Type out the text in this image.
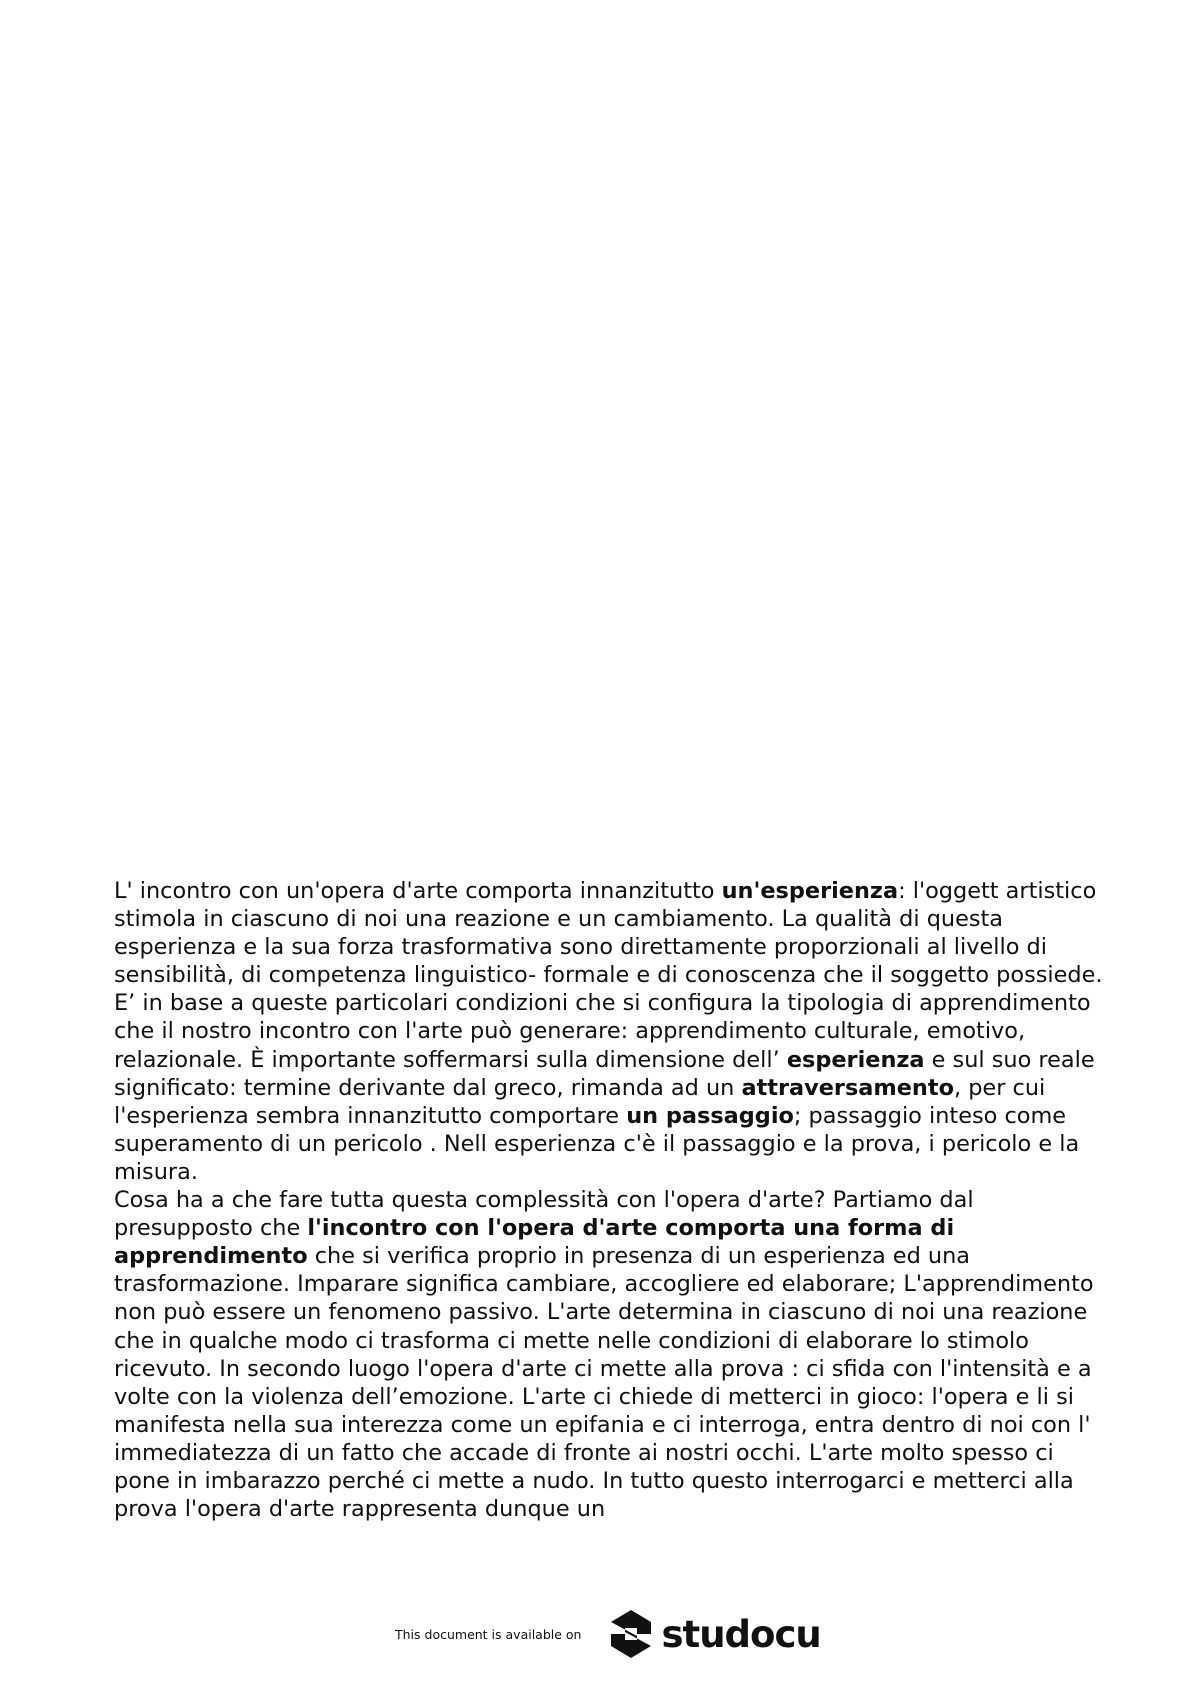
L' incontro con un'opera d'arte comporta innanzitutto un'esperienza: l'oggett artistico stimola in ciascuno di noi una reazione e un cambiamento. La qualità di questa esperienza e la sua forza trasformativa sono direttamente proporzionali al livello di sensibilità, di competenza linguistico- formale e di conoscenza che il soggetto possiede. E’ in base a queste particolari condizioni che si configura la tipologia di apprendimento che il nostro incontro con l'arte può generare: apprendimento culturale, emotivo, relazionale. È importante soffermarsi sulla dimensione dell’ esperienza e sul suo reale significato: termine derivante dal greco, rimanda ad un attraversamento, per cui l'esperienza sembra innanzitutto comportare un passaggio; passaggio inteso come superamento di un pericolo . Nell esperienza c'è il passaggio e la prova, i pericolo e la misura.

Cosa ha a che fare tutta questa complessità con l'opera d'arte? Partiamo dal presupposto che l'incontro con l'opera d'arte comporta una forma di apprendimento che si verifica proprio in presenza di un esperienza ed una trasformazione. Imparare significa cambiare, accogliere ed elaborare; L'apprendimento non può essere un fenomeno passivo. L'arte determina in ciascuno di noi una reazione che in qualche modo ci trasforma ci mette nelle condizioni di elaborare lo stimolo ricevuto. In secondo luogo l'opera d'arte ci mette alla prova : ci sfida con l'intensità e a volte con la violenza dell’emozione. L'arte ci chiede di metterci in gioco: l'opera e li si manifesta nella sua interezza come un epifania e ci interroga, entra dentro di noi con l' immediatezza di un fatto che accade di fronte ai nostri occhi. L'arte molto spesso ci pone in imbarazzo perché ci mette a nudo. In tutto questo interrogarci e metterci alla prova l'opera d'arte rappresenta dunque un

This document is available on studocu
